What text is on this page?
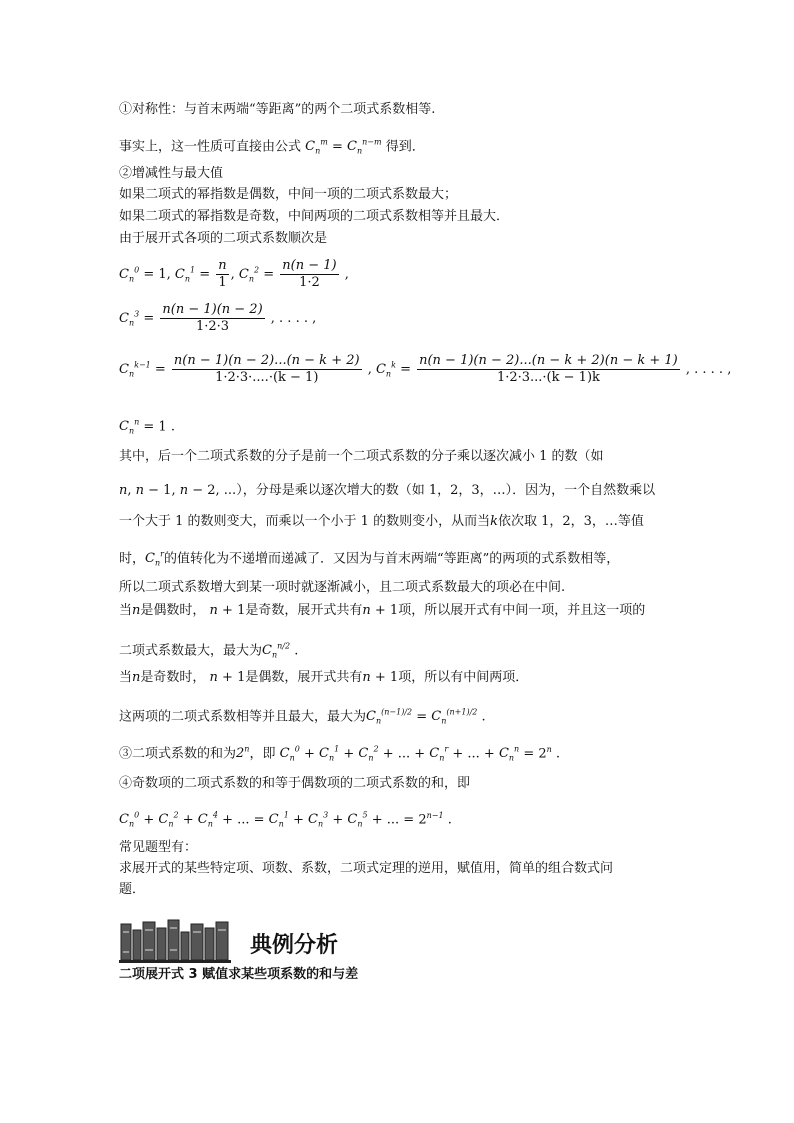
①对称性：与首末两端“等距离”的两个二项式系数相等.
事实上，这一性质可直接由公式 $C_n^m = C_n^{n-m}$ 得到．
②增减性与最大值
如果二项式的幂指数是偶数，中间一项的二项式系数最大；
如果二项式的幂指数是奇数，中间两项的二项式系数相等并且最大．
由于展开式各项的二项式系数顺次是
$C_n^0 = 1$, $C_n^1 = \frac{n}{1}$ , $C_n^2 = \frac{n(n - 1)}{1\cdot 2}$ ,
$C_n^3 = \frac{n(n - 1)(n - 2)}{1\cdot 2\cdot 3}$ , . . . . ,
$C_n^{k-1} = \frac{n(n - 1)(n - 2)...(n - k + 2)}{1\cdot 2\cdot 3\cdot....\cdot(k - 1)}$ , $C_n^k = \frac{n(n - 1)(n - 2)...(n - k + 2)(n - k + 1)}{1\cdot 2\cdot 3...\cdot(k - 1)k}$ , . . . . ,
$C_n^n = 1$ .
其中，后一个二项式系数的分子是前一个二项式系数的分子乘以逐次减小 1 的数（如
n, n − 1, n − 2, ...），分母是乘以逐次增大的数（如 1，2，3，…）．因为，一个自然数乘以
一个大于 1 的数则变大，而乘以一个小于 1 的数则变小，从而当k依次取 1，2，3，…等值
时，$C_n^r$的值转化为不递增而递减了．又因为与首末两端“等距离”的两项的式系数相等，
所以二项式系数增大到某一项时就逐渐减小，且二项式系数最大的项必在中间.
当n是偶数时， n + 1是奇数，展开式共有n + 1项，所以展开式有中间一项，并且这一项的
二项式系数最大，最大为$C_n^{n/2}$ .
当n是奇数时， n + 1是偶数，展开式共有n + 1项，所以有中间两项．
这两项的二项式系数相等并且最大，最大为$C_n^{(n-1)/2} = C_n^{(n+1)/2}$ .
③二项式系数的和为2$^n$，即 $C_n^0 + C_n^1 + C_n^2$ + ... + $C_n^r$ + ... + $C_n^n = 2^n$ .
④奇数项的二项式系数的和等于偶数项的二项式系数的和，即
$C_n^0 + C_n^2 + C_n^4$ + ... = $C_n^1 + C_n^3 + C_n^5$ + ... = $2^{n-1}$ .
常见题型有：
求展开式的某些特定项、项数、系数，二项式定理的逆用，赋值用，简单的组合数式问
题．
典例分析
二项展开式 3 赋值求某些项系数的和与差
